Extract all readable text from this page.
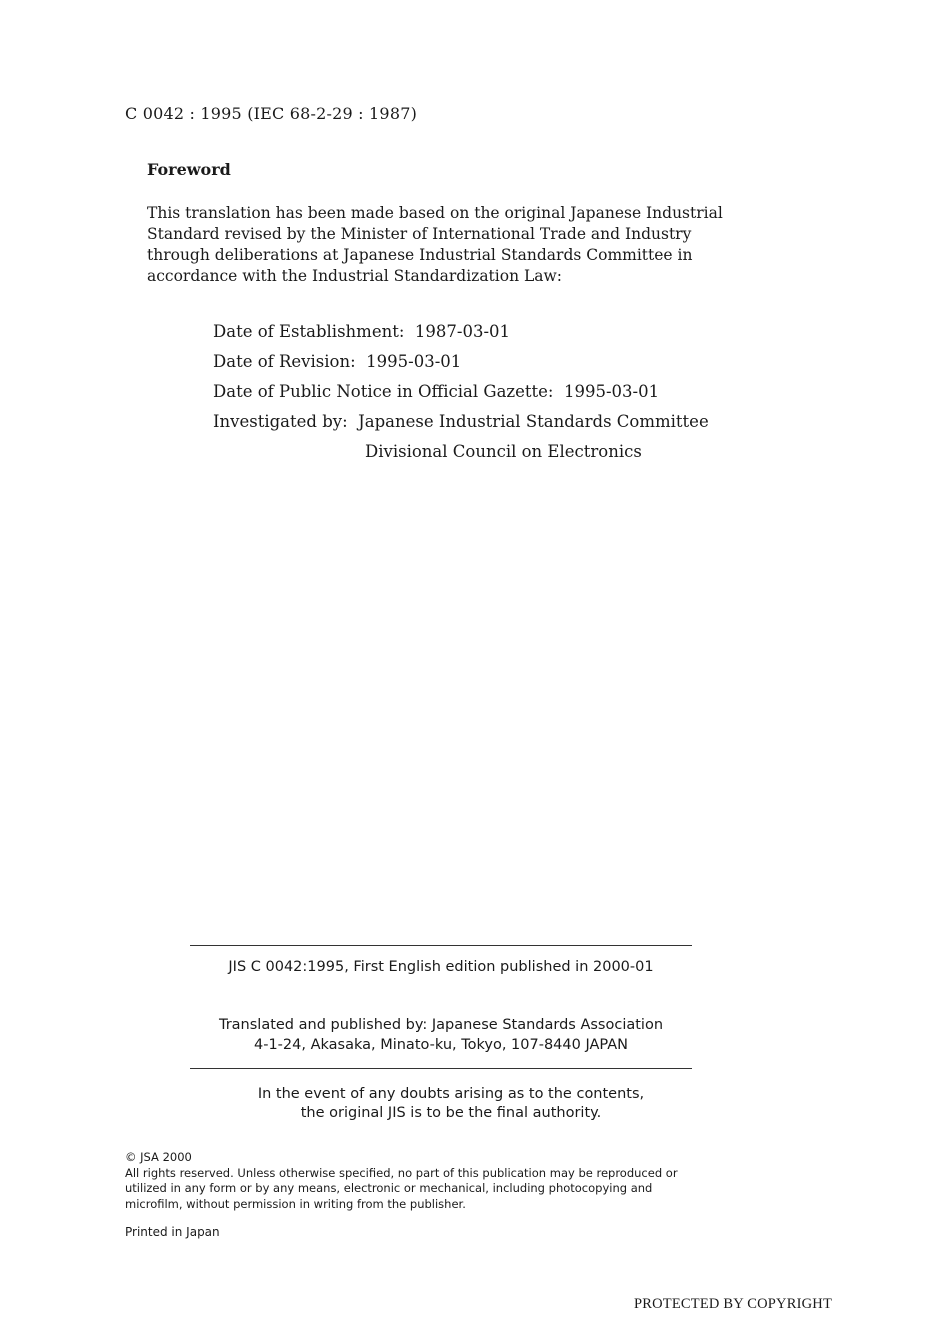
C 0042 : 1995 (IEC 68-2-29 : 1987)
Foreword
This translation has been made based on the original Japanese Industrial
Standard revised by the Minister of International Trade and Industry
through deliberations at Japanese Industrial Standards Committee in
accordance with the Industrial Standardization Law:
Date of Establishment:  1987-03-01
Date of Revision:  1995-03-01
Date of Public Notice in Official Gazette:  1995-03-01
Investigated by:  Japanese Industrial Standards Committee
Divisional Council on Electronics
JIS C 0042:1995, First English edition published in 2000-01
Translated and published by: Japanese Standards Association
4-1-24, Akasaka, Minato-ku, Tokyo, 107-8440 JAPAN
In the event of any doubts arising as to the contents,
the original JIS is to be the final authority.
© JSA 2000
All rights reserved. Unless otherwise specified, no part of this publication may be reproduced or
utilized in any form or by any means, electronic or mechanical, including photocopying and
microfilm, without permission in writing from the publisher.
Printed in Japan
PROTECTED BY COPYRIGHT
